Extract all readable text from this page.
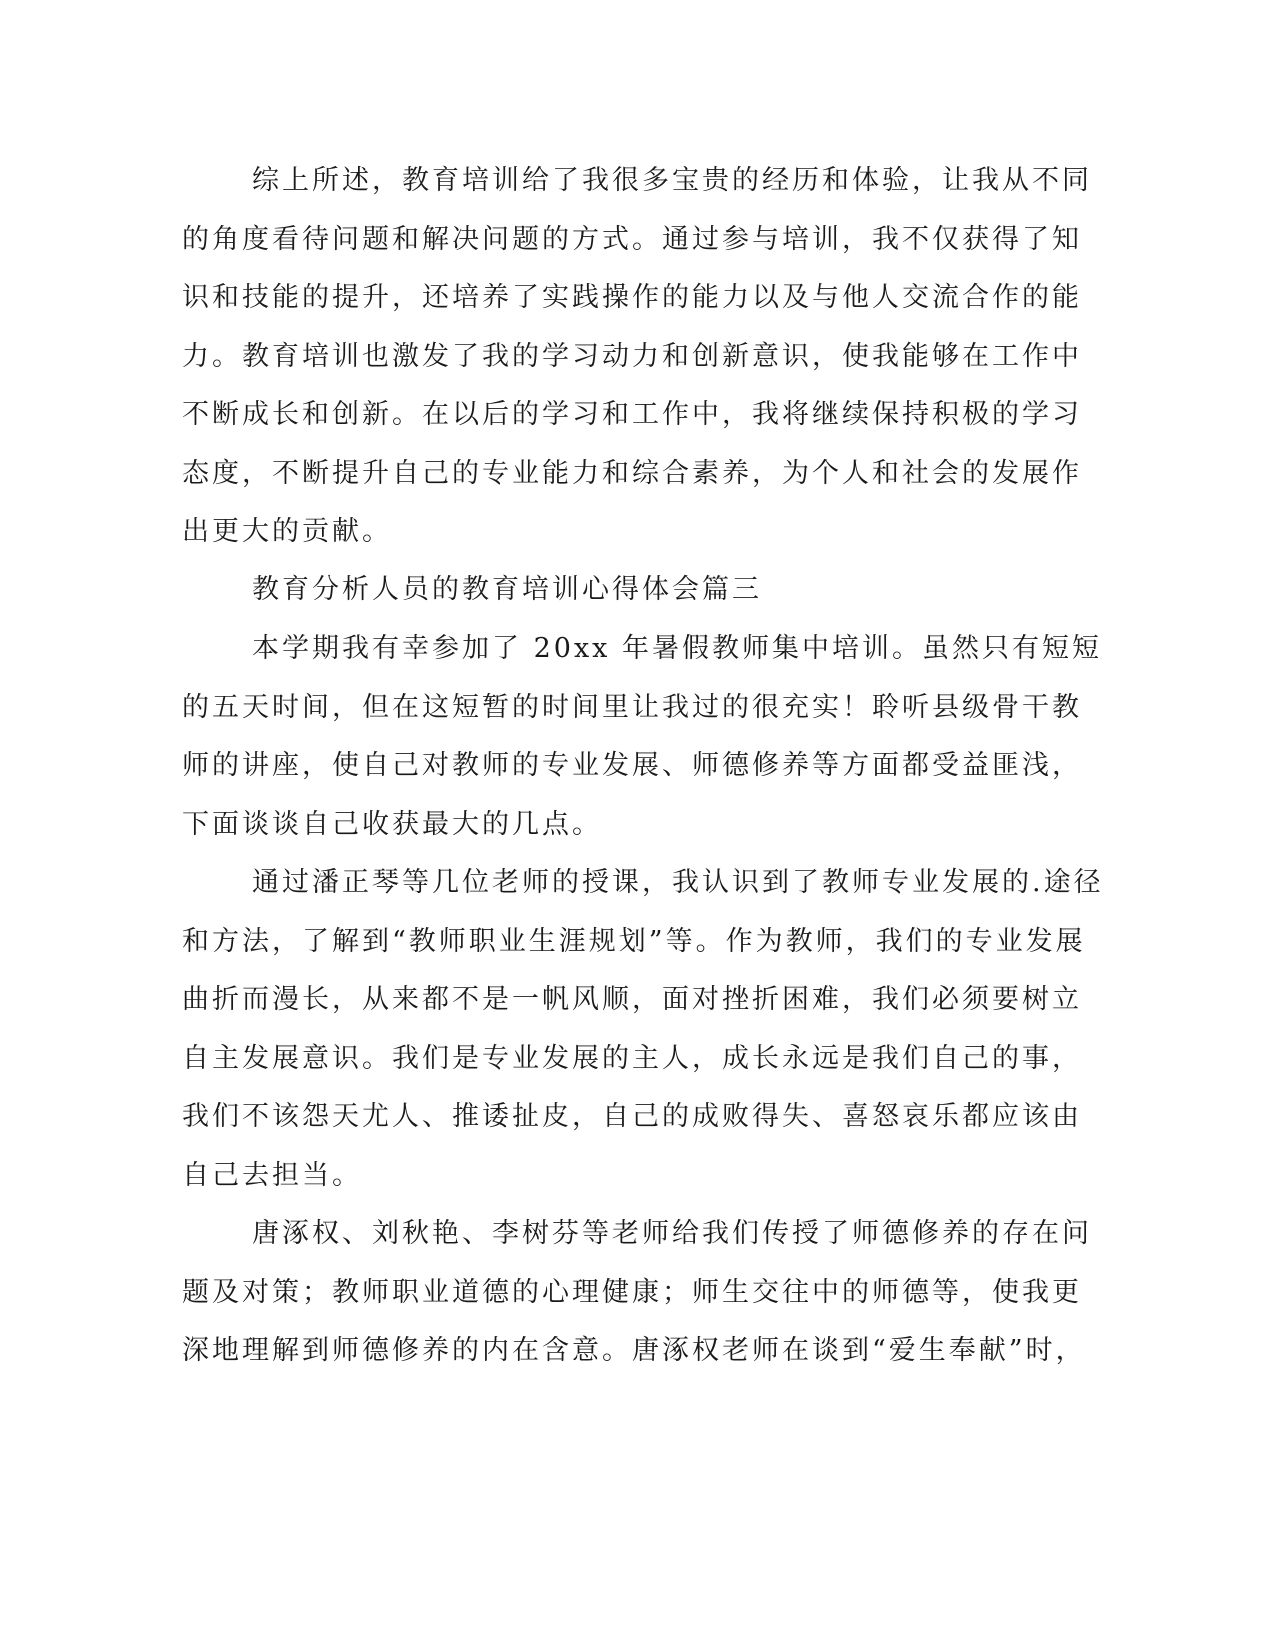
综上所述，教育培训给了我很多宝贵的经历和体验，让我从不同
的角度看待问题和解决问题的方式。通过参与培训，我不仅获得了知
识和技能的提升，还培养了实践操作的能力以及与他人交流合作的能
力。教育培训也激发了我的学习动力和创新意识，使我能够在工作中
不断成长和创新。在以后的学习和工作中，我将继续保持积极的学习
态度，不断提升自己的专业能力和综合素养，为个人和社会的发展作
出更大的贡献。
教育分析人员的教育培训心得体会篇三
本学期我有幸参加了 20xx 年暑假教师集中培训。虽然只有短短
的五天时间，但在这短暂的时间里让我过的很充实！聆听县级骨干教
师的讲座，使自己对教师的专业发展、师德修养等方面都受益匪浅，
下面谈谈自己收获最大的几点。
通过潘正琴等几位老师的授课，我认识到了教师专业发展的.途径
和方法，了解到“教师职业生涯规划”等。作为教师，我们的专业发展
曲折而漫长，从来都不是一帆风顺，面对挫折困难，我们必须要树立
自主发展意识。我们是专业发展的主人，成长永远是我们自己的事，
我们不该怨天尤人、推诿扯皮，自己的成败得失、喜怒哀乐都应该由
自己去担当。
唐涿权、刘秋艳、李树芬等老师给我们传授了师德修养的存在问
题及对策；教师职业道德的心理健康；师生交往中的师德等，使我更
深地理解到师德修养的内在含意。唐涿权老师在谈到“爱生奉献”时，
